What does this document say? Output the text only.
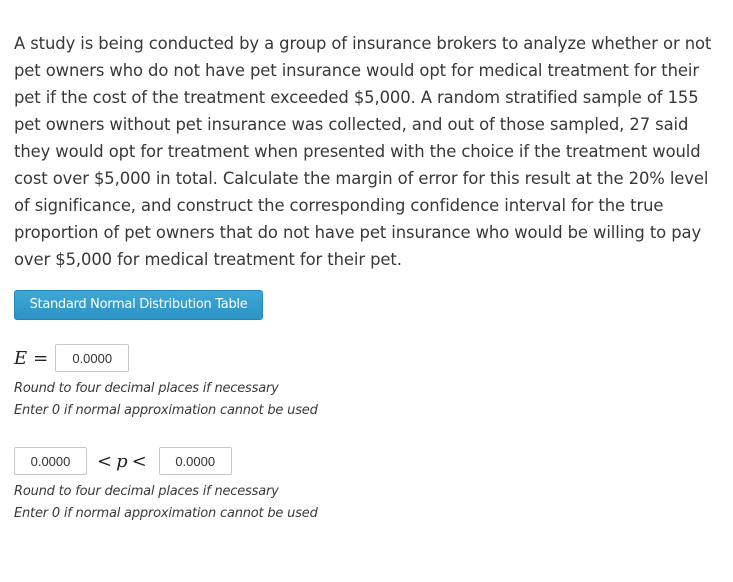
A study is being conducted by a group of insurance brokers to analyze whether or not pet owners who do not have pet insurance would opt for medical treatment for their pet if the cost of the treatment exceeded $5,000. A random stratified sample of 155 pet owners without pet insurance was collected, and out of those sampled, 27 said they would opt for treatment when presented with the choice if the treatment would cost over $5,000 in total. Calculate the margin of error for this result at the 20% level of significance, and construct the corresponding confidence interval for the true proportion of pet owners that do not have pet insurance who would be willing to pay over $5,000 for medical treatment for their pet.
Standard Normal Distribution Table
E =	0.0000
Round to four decimal places if necessary
Enter 0 if normal approximation cannot be used
0.0000	< p <	0.0000
Round to four decimal places if necessary
Enter 0 if normal approximation cannot be used
